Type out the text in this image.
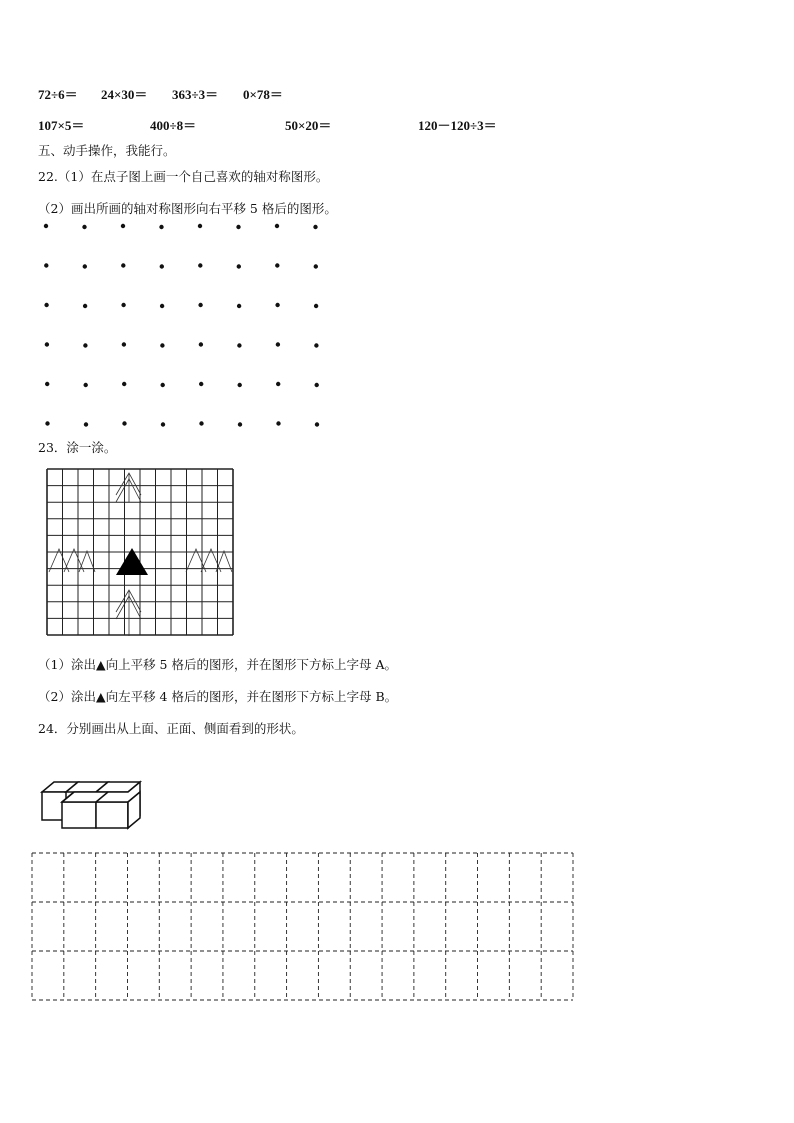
72÷6＝ 24×30＝ 363÷3＝ 0×78＝
107×5＝	400÷8＝	50×20＝	120－120÷3＝
五、动手操作，我能行。
22.（1）在点子图上画一个自己喜欢的轴对称图形。
（2）画出所画的轴对称图形向右平移 5 格后的图形。
23．涂一涂。
（1）涂出▲向上平移 5 格后的图形，并在图形下方标上字母 A。
（2）涂出▲向左平移 4 格后的图形，并在图形下方标上字母 B。
24．分别画出从上面、正面、侧面看到的形状。
